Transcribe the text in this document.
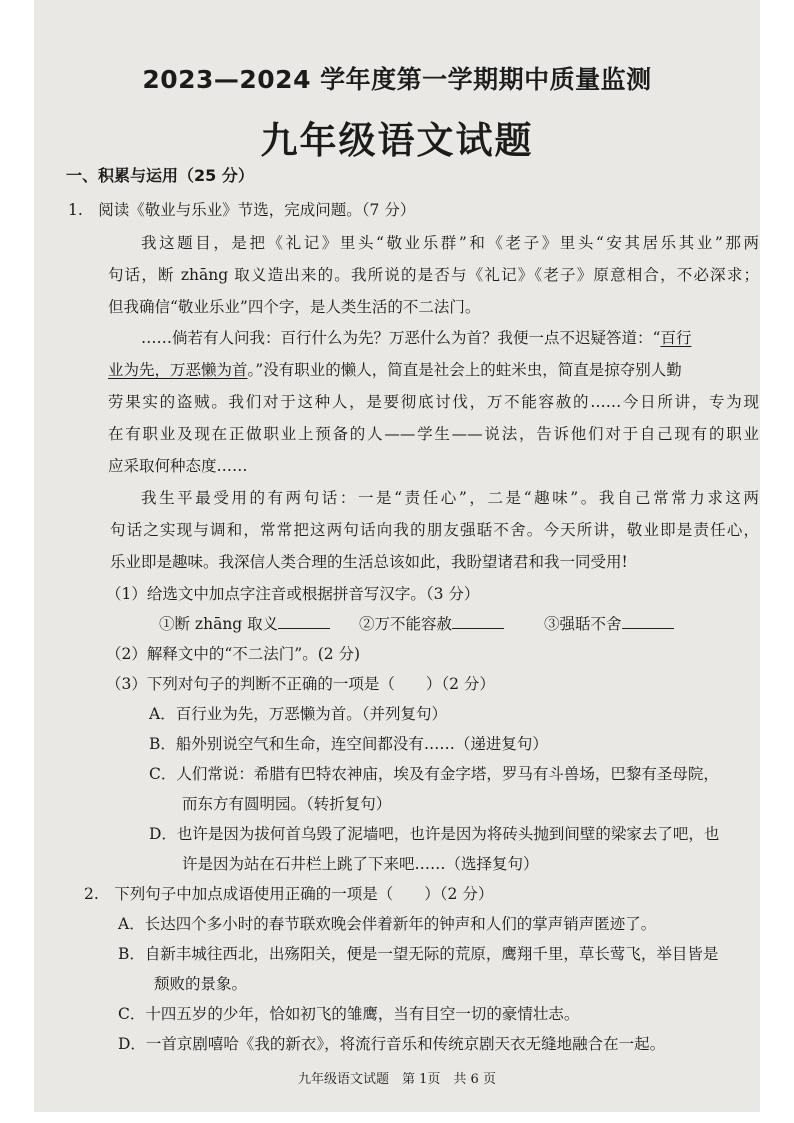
2023—2024 学年度第一学期期中质量监测
九年级语文试题
一、积累与运用（25 分）
1.　阅读《敬业与乐业》节选，完成问题。（7 分）
我这题目，是把《礼记》里头“敬业乐群”和《老子》里头“安其居乐其业”那两
句话，断 zhāng 取义造出来的。我所说的是否与《礼记》《老子》原意相合，不必深求；
但我确信“敬业乐业”四个字，是人类生活的不二法门。
……倘若有人问我：百行什么为先？万恶什么为首？我便一点不迟疑答道：“百行
业为先，万恶懒为首。”没有职业的懒人，简直是社会上的蛀米虫，简直是掠夺别人勤
劳果实的盗贼。我们对于这种人，是要彻底讨伐，万不能容赦的……今日所讲，专为现
在有职业及现在正做职业上预备的人——学生——说法，告诉他们对于自己现有的职业
应采取何种态度……
我生平最受用的有两句话：一是“责任心”，二是“趣味”。我自己常常力求这两
句话之实现与调和，常常把这两句话向我的朋友强聒不舍。今天所讲，敬业即是责任心，
乐业即是趣味。我深信人类合理的生活总该如此，我盼望诸君和我一同受用!
（1）给选文中加点字注音或根据拼音写汉字。（3 分）
①断 zhāng 取义	②万不能容赦	③强聒不舍
（2）解释文中的“不二法门”。(2 分)
（3）下列对句子的判断不正确的一项是（　　）（2 分）
A．百行业为先，万恶懒为首。（并列复句）
B．船外别说空气和生命，连空间都没有……（递进复句）
C．人们常说：希腊有巴特农神庙，埃及有金字塔，罗马有斗兽场，巴黎有圣母院，
而东方有圆明园。（转折复句）
D．也许是因为拔何首乌毁了泥墙吧，也许是因为将砖头抛到间壁的梁家去了吧，也
许是因为站在石井栏上跳了下来吧……（选择复句）
2.　下列句子中加点成语使用正确的一项是（　　）（2 分）
A．长达四个多小时的春节联欢晚会伴着新年的钟声和人们的掌声销声匿迹了。
B．自新丰城往西北，出殇阳关，便是一望无际的荒原，鹰翔千里，草长莺飞，举目皆是
颓败的景象。
C．十四五岁的少年，恰如初飞的雏鹰，当有目空一切的豪情壮志。
D．一首京剧嘻哈《我的新衣》，将流行音乐和传统京剧天衣无缝地融合在一起。
九年级语文试题　第 1页　共 6 页
